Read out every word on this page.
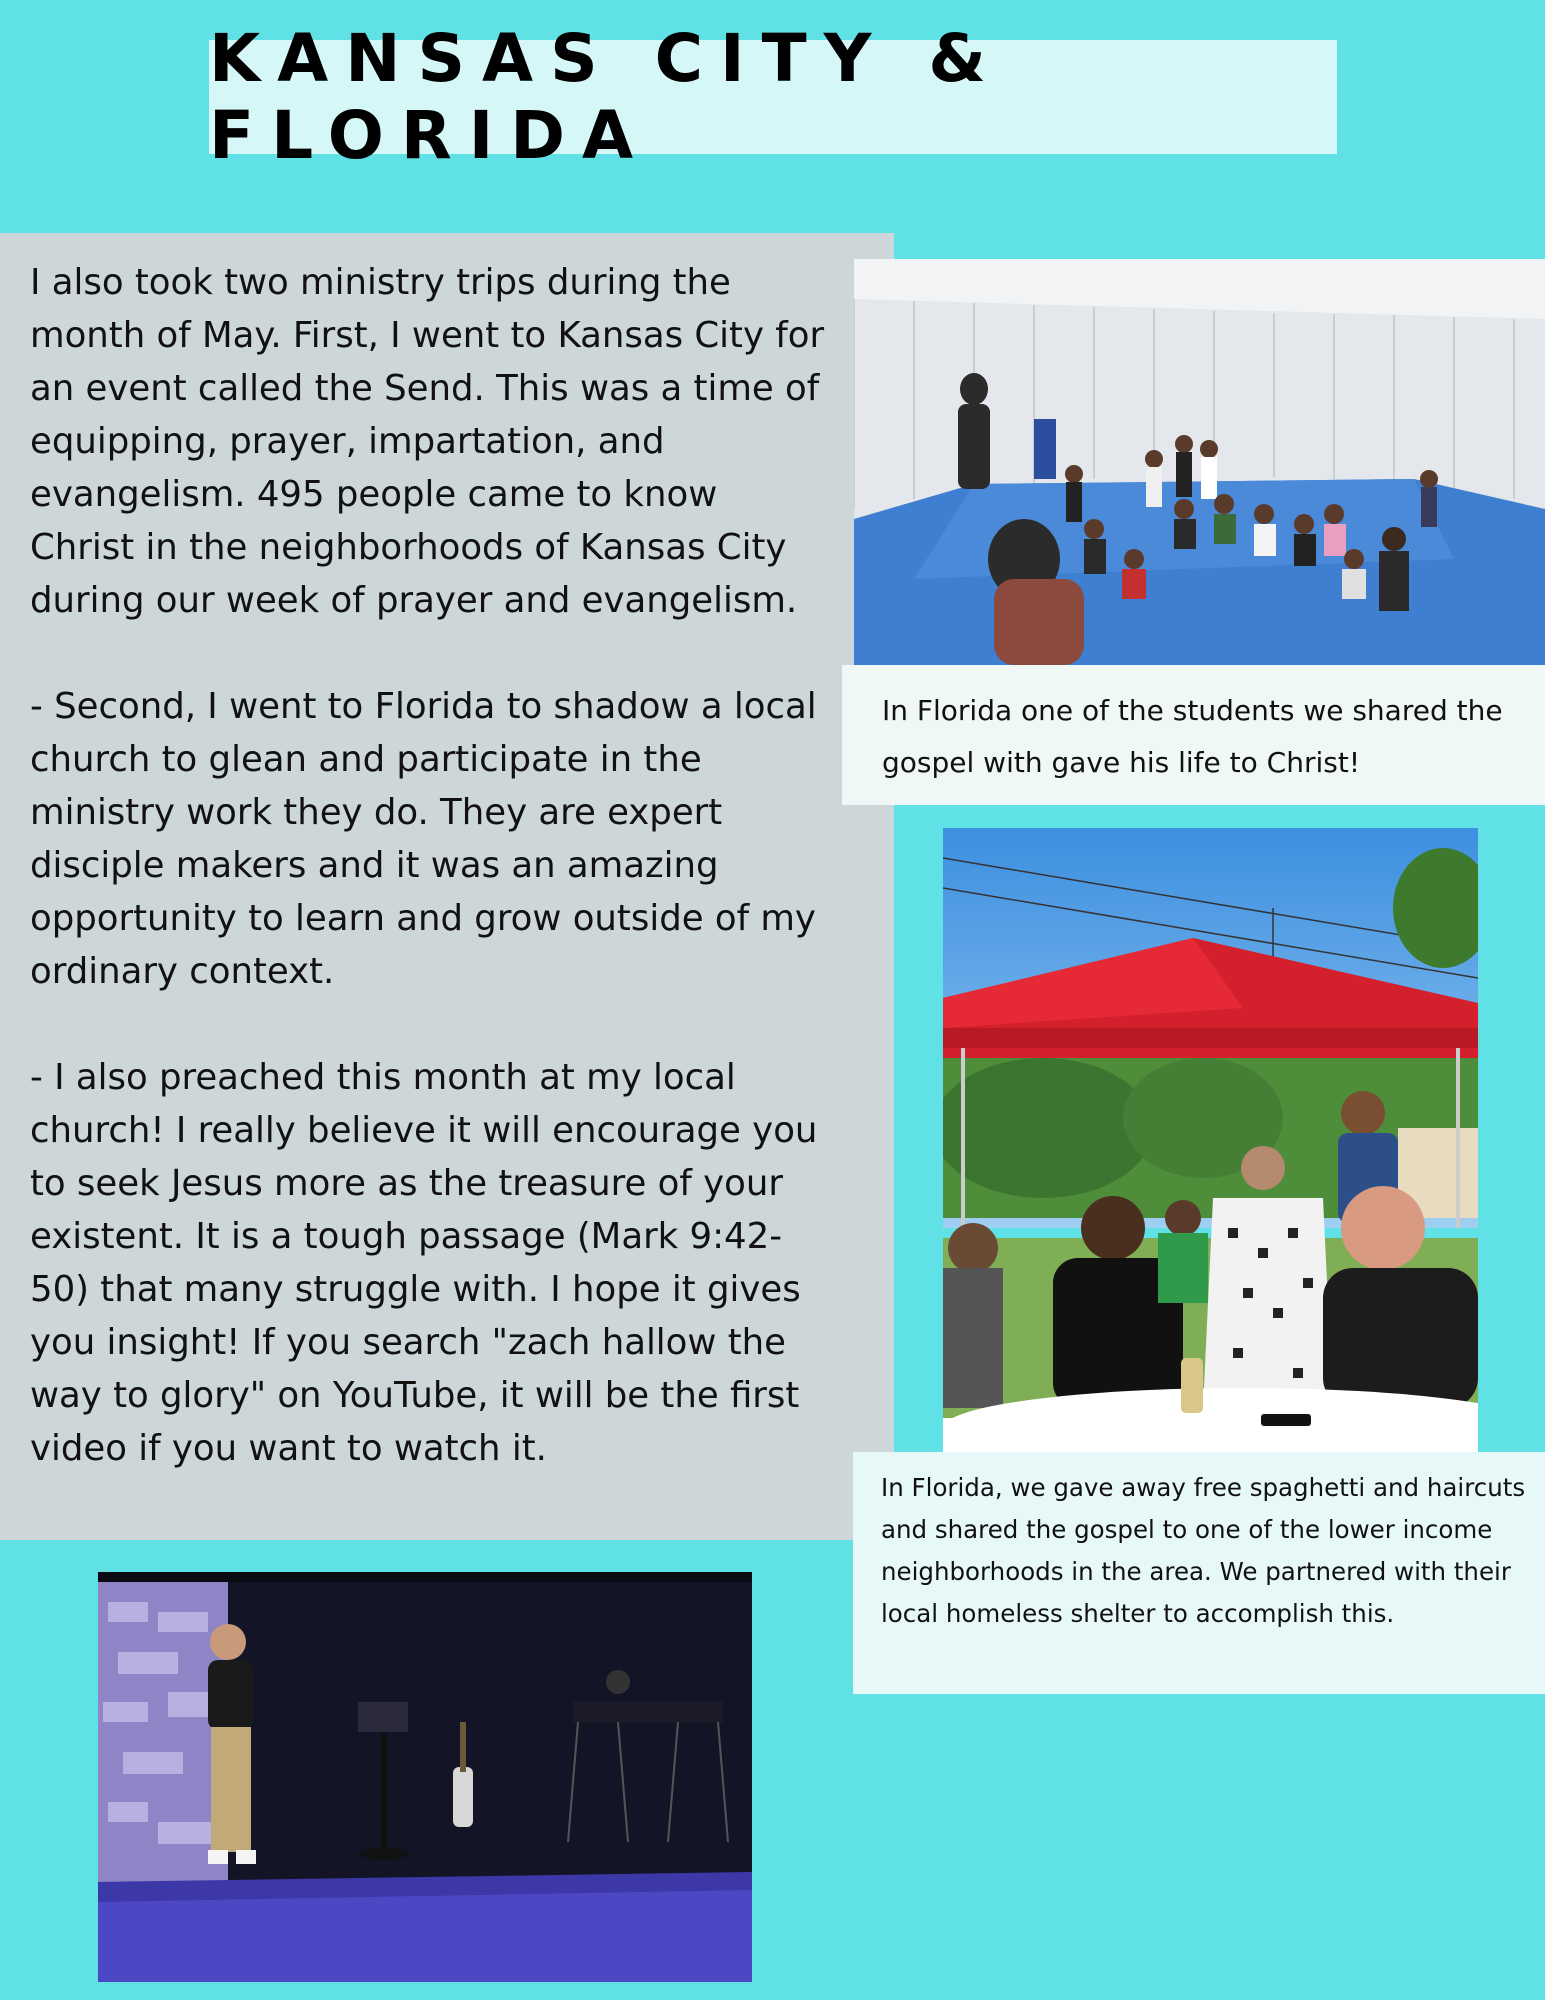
KANSAS CITY & FLORIDA
I also took two ministry trips during the month of May. First, I went to Kansas City for an event called the Send. This was a time of equipping, prayer, impartation, and evangelism. 495 people came to know Christ in the neighborhoods of Kansas City during our week of prayer and evangelism.

- Second, I went to Florida to shadow a local church to glean and participate in the ministry work they do. They are expert disciple makers and it was an amazing opportunity to learn and grow outside of my ordinary context.

- I also preached this month at my local church! I really believe it will encourage you to seek Jesus more as the treasure of your existent. It is a tough passage (Mark 9:42-50) that many struggle with. I hope it gives you insight! If you search "zach hallow the way to glory" on YouTube, it will be the first video if you want to watch it.
In Florida one of the students we shared the gospel with gave his life to Christ!
In Florida, we gave away free spaghetti and haircuts and shared the gospel to one of the lower income neighborhoods in the area. We partnered with their local homeless shelter to accomplish this.
